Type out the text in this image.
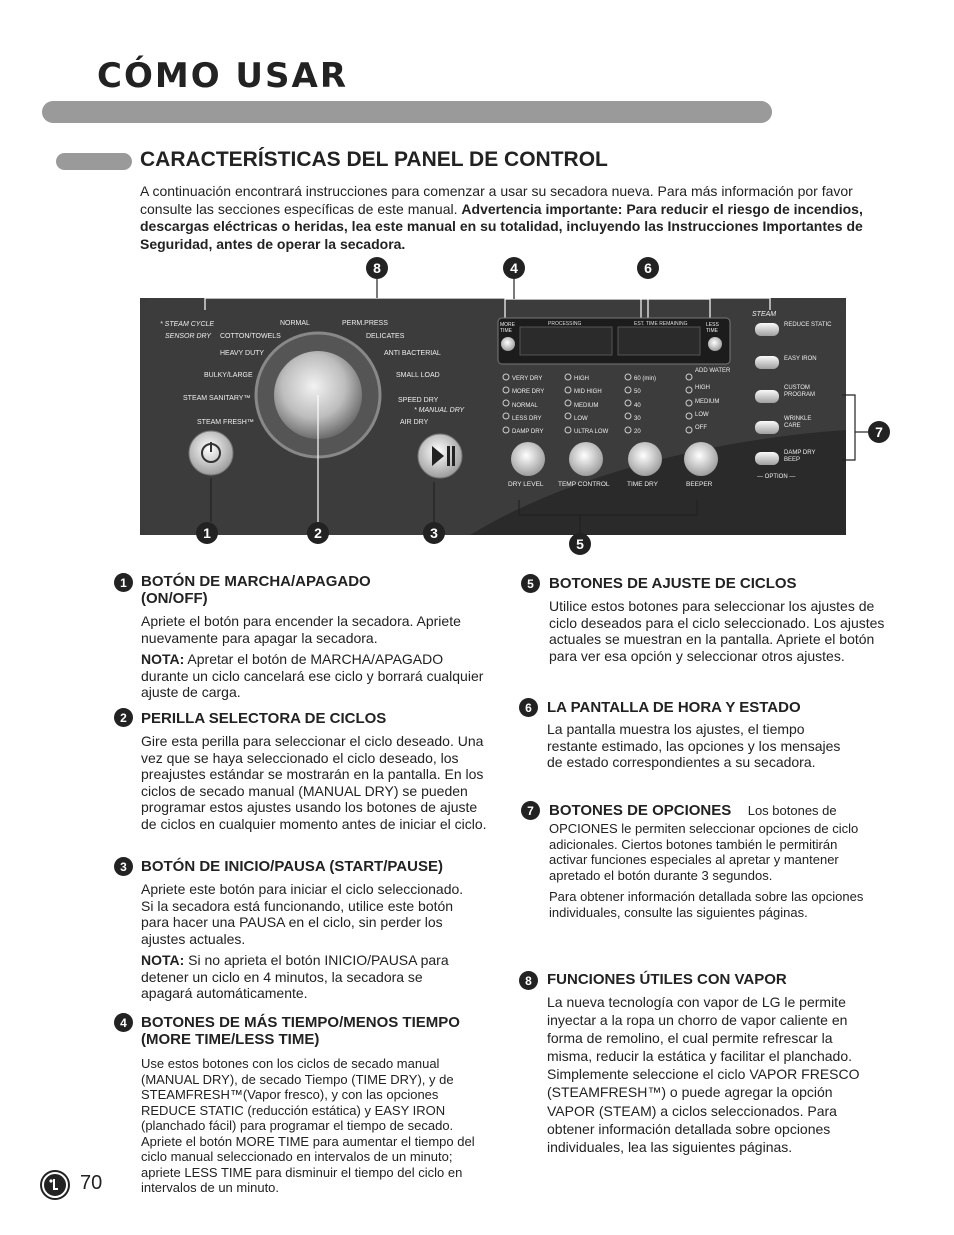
CÓMO USAR
CARACTERÍSTICAS DEL PANEL DE CONTROL
A continuación encontrará instrucciones para comenzar a usar su secadora nueva. Para más información por favor consulte las secciones específicas de este manual. Advertencia importante: Para reducir el riesgo de incendios, descargas eléctricas o heridas, lea este manual en su totalidad, incluyendo las Instrucciones Importantes de Seguridad, antes de operar la secadora.
* STEAM CYCLE
SENSOR DRY
NORMAL	PERM.PRESS
COTTON/TOWELS	DELICATES
HEAVY DUTY	ANTI BACTERIAL
BULKY/LARGE	SMALL LOAD
STEAM SANITARY™	SPEED DRY
* MANUAL DRY
STEAM FRESH™	AIR DRY
MORE TIME
LESS TIME
PROCESSING	EST. TIME REMAINING
VERY DRY
MORE DRY
NORMAL
LESS DRY
DAMP DRY
HIGH
MID HIGH
MEDIUM
LOW
ULTRA LOW
60 (min)
50
40
30
20
ADD WATER
HIGH
MEDIUM
LOW
OFF
DRY LEVEL TEMP CONTROL	TIME DRY	BEEPER
STEAM
REDUCE STATIC
EASY IRON
CUSTOM PROGRAM
WRINKLE CARE
DAMP DRY BEEP
— OPTION —
8	4	6
7
1	2	3
5
1 BOTÓN DE MARCHA/APAGADO (ON/OFF)

Apriete el botón para encender la secadora. Apriete nuevamente para apagar la secadora.

NOTA: Apretar el botón de MARCHA/APAGADO durante un ciclo cancelará ese ciclo y borrará cualquier ajuste de carga.

2 PERILLA SELECTORA DE CICLOS

Gire esta perilla para seleccionar el ciclo deseado. Una vez que se haya seleccionado el ciclo deseado, los preajustes estándar se mostrarán en la pantalla. En los ciclos de secado manual (MANUAL DRY) se pueden programar estos ajustes usando los botones de ajuste de ciclos en cualquier momento antes de iniciar el ciclo.

3 BOTÓN DE INICIO/PAUSA (START/PAUSE)

Apriete este botón para iniciar el ciclo seleccionado. Si la secadora está funcionando, utilice este botón para hacer una PAUSA en el ciclo, sin perder los ajustes actuales.

NOTA: Si no aprieta el botón INICIO/PAUSA para detener un ciclo en 4 minutos, la secadora se apagará automáticamente.

4 BOTONES DE MÁS TIEMPO/MENOS TIEMPO (MORE TIME/LESS TIME)

Use estos botones con los ciclos de secado manual (MANUAL DRY), de secado Tiempo (TIME DRY), y de STEAMFRESH™(Vapor fresco), y con las opciones REDUCE STATIC (reducción estática) y EASY IRON (planchado fácil) para programar el tiempo de secado. Apriete el botón MORE TIME para aumentar el tiempo del ciclo manual seleccionado en intervalos de un minuto; apriete LESS TIME para disminuir el tiempo del ciclo en intervalos de un minuto.

5	BOTONES DE AJUSTE DE CICLOS

Utilice estos botones para seleccionar los ajustes de ciclo deseados para el ciclo seleccionado. Los ajustes actuales se muestran en la pantalla. Apriete el botón para ver esa opción y seleccionar otros ajustes.

6	LA PANTALLA DE HORA Y ESTADO

La pantalla muestra los ajustes, el tiempo restante estimado, las opciones y los mensajes de estado correspondientes a su secadora.

7	BOTONES DE OPCIONES Los botones de

OPCIONES le permiten seleccionar opciones de ciclo adicionales. Ciertos botones también le permitirán activar funciones especiales al apretar y mantener apretado el botón durante 3 segundos.

Para obtener información detallada sobre las opciones individuales, consulte las siguientes páginas.

8	FUNCIONES ÚTILES CON VAPOR

La nueva tecnología con vapor de LG le permite inyectar a la ropa un chorro de vapor caliente en forma de remolino, el cual permite refrescar la misma, reducir la estática y facilitar el planchado. Simplemente seleccione el ciclo VAPOR FRESCO (STEAMFRESH™) o puede agregar la opción VAPOR (STEAM) a ciclos seleccionados. Para obtener información detallada sobre opciones individuales, lea las siguientes páginas.

70
